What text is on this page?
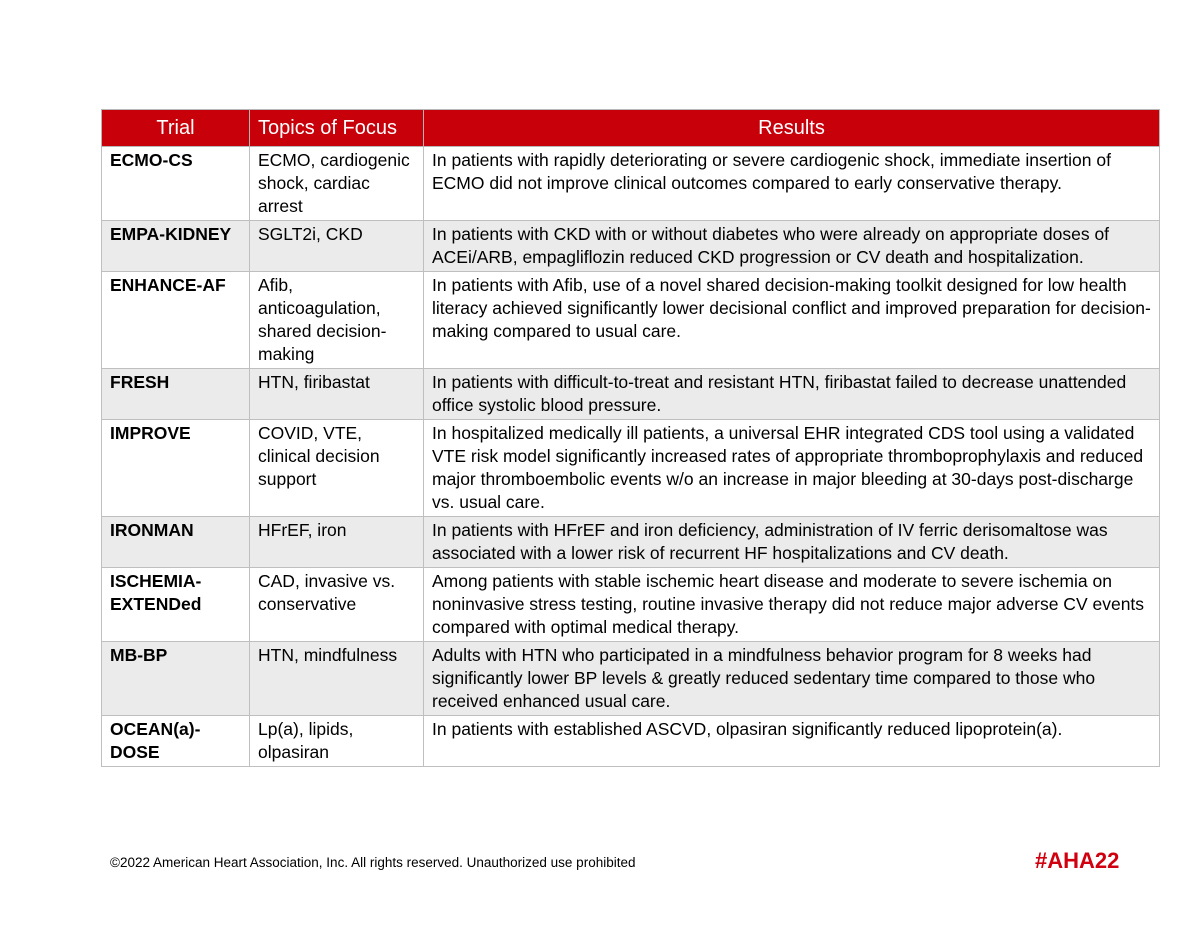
Trial	Topics of Focus	Results
ECMO-CS	ECMO, cardiogenic shock, cardiac arrest	In patients with rapidly deteriorating or severe cardiogenic shock, immediate insertion of ECMO did not improve clinical outcomes compared to early conservative therapy.
EMPA-KIDNEY	SGLT2i, CKD	In patients with CKD with or without diabetes who were already on appropriate doses of ACEi/ARB, empagliflozin reduced CKD progression or CV death and hospitalization.
ENHANCE-AF	Afib, anticoagulation, shared decision-making	In patients with Afib, use of a novel shared decision-making toolkit designed for low health literacy achieved significantly lower decisional conflict and improved preparation for decision-making compared to usual care.
FRESH	HTN, firibastat	In patients with difficult-to-treat and resistant HTN, firibastat failed to decrease unattended office systolic blood pressure.
IMPROVE	COVID, VTE, clinical decision support	In hospitalized medically ill patients, a universal EHR integrated CDS tool using a validated VTE risk model significantly increased rates of appropriate thromboprophylaxis and reduced major thromboembolic events w/o an increase in major bleeding at 30-days post-discharge vs. usual care.
IRONMAN	HFrEF, iron	In patients with HFrEF and iron deficiency, administration of IV ferric derisomaltose was associated with a lower risk of recurrent HF hospitalizations and CV death.
ISCHEMIA-EXTENDed	CAD, invasive vs. conservative	Among patients with stable ischemic heart disease and moderate to severe ischemia on noninvasive stress testing, routine invasive therapy did not reduce major adverse CV events compared with optimal medical therapy.
MB-BP	HTN, mindfulness	Adults with HTN who participated in a mindfulness behavior program for 8 weeks had significantly lower BP levels & greatly reduced sedentary time compared to those who received enhanced usual care.
OCEAN(a)-DOSE	Lp(a), lipids, olpasiran	In patients with established ASCVD, olpasiran significantly reduced lipoprotein(a).
©2022 American Heart Association, Inc. All rights reserved. Unauthorized use prohibited	#AHA22
